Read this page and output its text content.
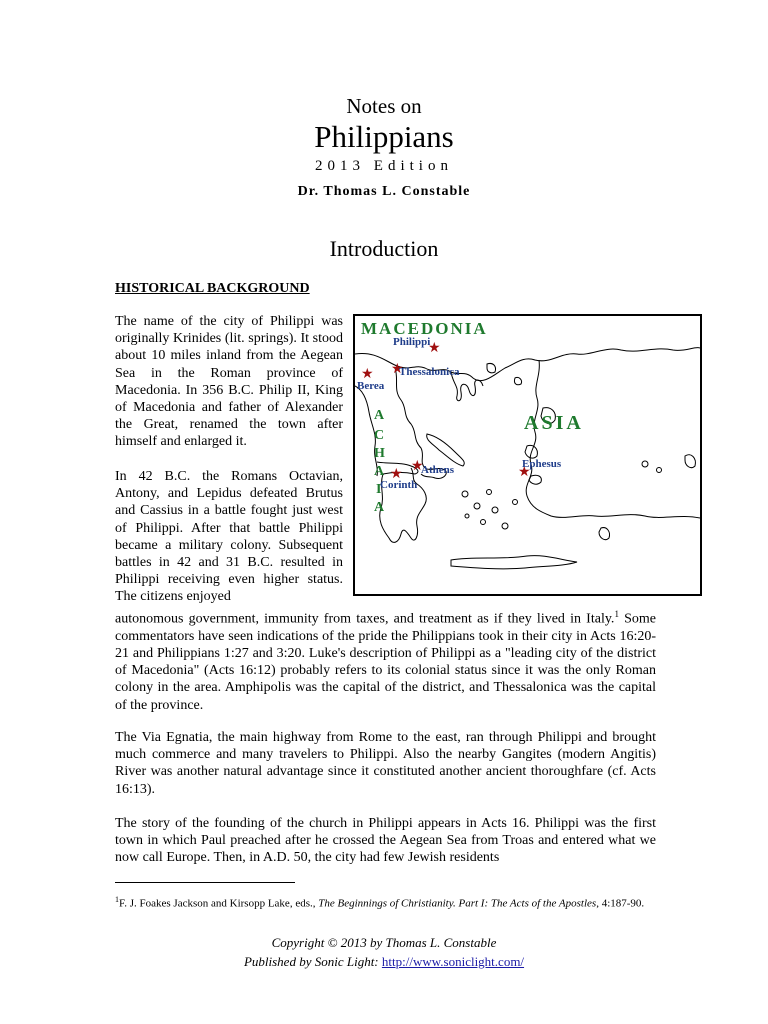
Notes on
Philippians
2013 Edition
Dr. Thomas L. Constable
Introduction
HISTORICAL BACKGROUND
The name of the city of Philippi was originally Krinides (lit. springs). It stood about 10 miles inland from the Aegean Sea in the Roman province of Macedonia. In 356 B.C. Philip II, King of Macedonia and father of Alexander the Great, renamed the town after himself and enlarged it.
In 42 B.C. the Romans Octavian, Antony, and Lepidus defeated Brutus and Cassius in a battle fought just west of Philippi. After that battle Philippi became a military colony. Subsequent battles in 42 and 31 B.C. resulted in Philippi receiving even higher status. The citizens enjoyed
autonomous government, immunity from taxes, and treatment as if they lived in Italy.$^1$ Some commentators have seen indications of the pride the Philippians took in their city in Acts 16:20-21 and Philippians 1:27 and 3:20. Luke's description of Philippi as a "leading city of the district of Macedonia" (Acts 16:12) probably refers to its colonial status since it was the only Roman colony in the area. Amphipolis was the capital of the district, and Thessalonica was the capital of the province.
The Via Egnatia, the main highway from Rome to the east, ran through Philippi and brought much commerce and many travelers to Philippi. Also the nearby Gangites (modern Angitis) River was another natural advantage since it constituted another ancient thoroughfare (cf. Acts 16:13).
The story of the founding of the church in Philippi appears in Acts 16. Philippi was the first town in which Paul preached after he crossed the Aegean Sea from Troas and entered what we now call Europe. Then, in A.D. 50, the city had few Jewish residents
MACEDONIA
ASIA
A
C
H
A
I
A
★
Philippi
★
Thessalonica
★
Berea
★
Athens
★
Corinth
★
Ephesus
$^1$F. J. Foakes Jackson and Kirsopp Lake, eds., The Beginnings of Christianity. Part I: The Acts of the Apostles, 4:187-90.
Copyright © 2013 by Thomas L. Constable
Published by Sonic Light: http://www.soniclight.com/
